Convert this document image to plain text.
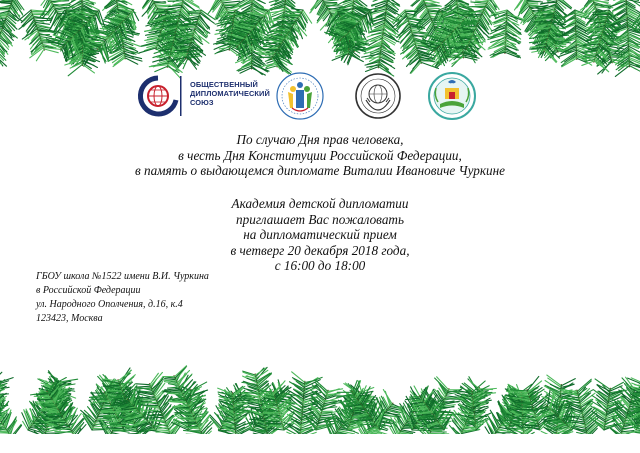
ОБЩЕСТВЕННЫЙ
ДИПЛОМАТИЧЕСКИЙ
СОЮЗ
По случаю Дня прав человека,
в честь Дня Конституции Российской Федерации,
в память о выдающемся дипломате Виталии Ивановиче Чуркине
Академия детской дипломатии
приглашает Вас пожаловать
на дипломатический прием
в четверг 20 декабря 2018 года,
с 16:00 до 18:00
ГБОУ школа №1522 имени В.И. Чуркина
в Российской Федерации
ул. Народного Ополчения, д.16, к.4
123423, Москва
